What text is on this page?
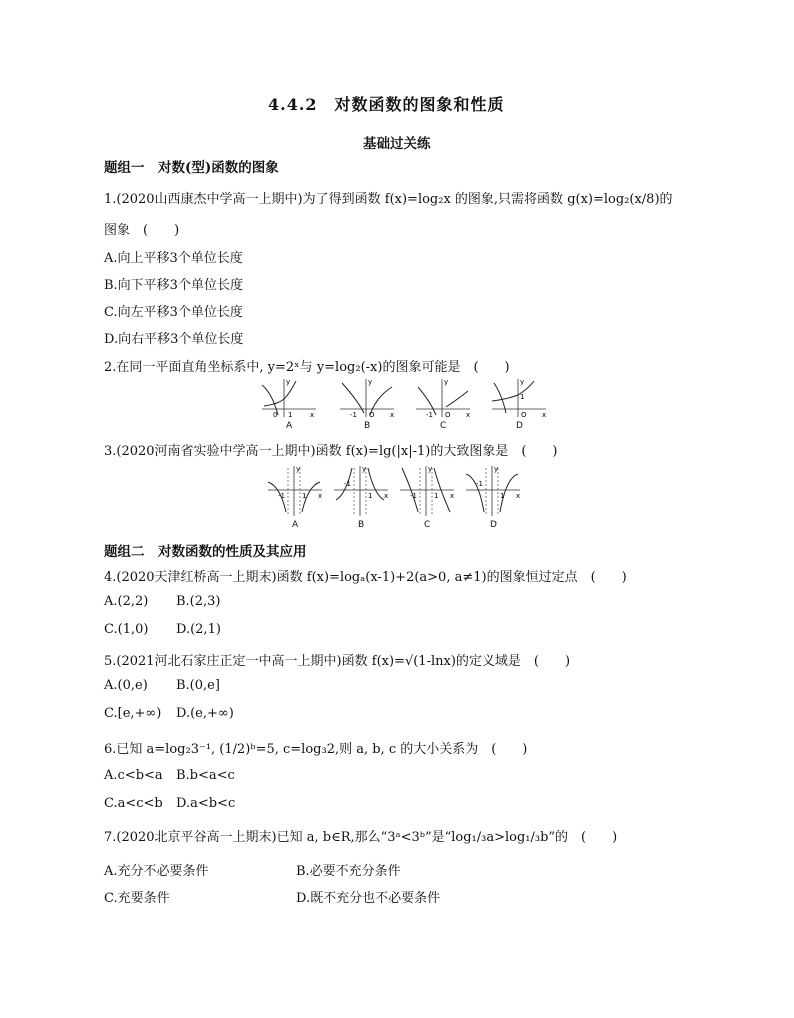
4.4.2　对数函数的图象和性质
基础过关练
题组一　对数(型)函数的图象
1.(2020山西康杰中学高一上期中)为了得到函数 f(x)=log₂x 的图象,只需将函数 g(x)=log₂(x/8)的
图象　(　　)
A.向上平移3个单位长度
B.向下平移3个单位长度
C.向左平移3个单位长度
D.向右平移3个单位长度
2.在同一平面直角坐标系中, y=2ˣ与 y=log₂(-x)的图象可能是　(　　)
0 1	x
y
A
-1 O x
y
B
-1 O x
y
C
1
O x
y
D
3.(2020河南省实验中学高一上期中)函数 f(x)=lg(|x|-1)的大致图象是　(　　)
-1 1 x
y
A
-1
1 x
y
B
-1 1 x
y
C
-1
1 x
y
D
题组二　对数函数的性质及其应用
4.(2020天津红桥高一上期末)函数 f(x)=logₐ(x-1)+2(a>0, a≠1)的图象恒过定点　(　　)
A.(2,2) B.(2,3)
C.(1,0) D.(2,1)
5.(2021河北石家庄正定一中高一上期中)函数 f(x)=√(1-lnx)的定义域是　(　　)
A.(0,e) B.(0,e]
C.[e,+∞) D.(e,+∞)
6.已知 a=log₂3⁻¹, (1/2)ᵇ=5, c=log₃2,则 a, b, c 的大小关系为　(　　)
A.c<b<a B.b<a<c
C.a<c<b D.a<b<c
7.(2020北京平谷高一上期末)已知 a, b∈R,那么“3ᵃ<3ᵇ”是“log₁/₃a>log₁/₃b”的　(　　)
A.充分不必要条件	B.必要不充分条件
C.充要条件	D.既不充分也不必要条件
